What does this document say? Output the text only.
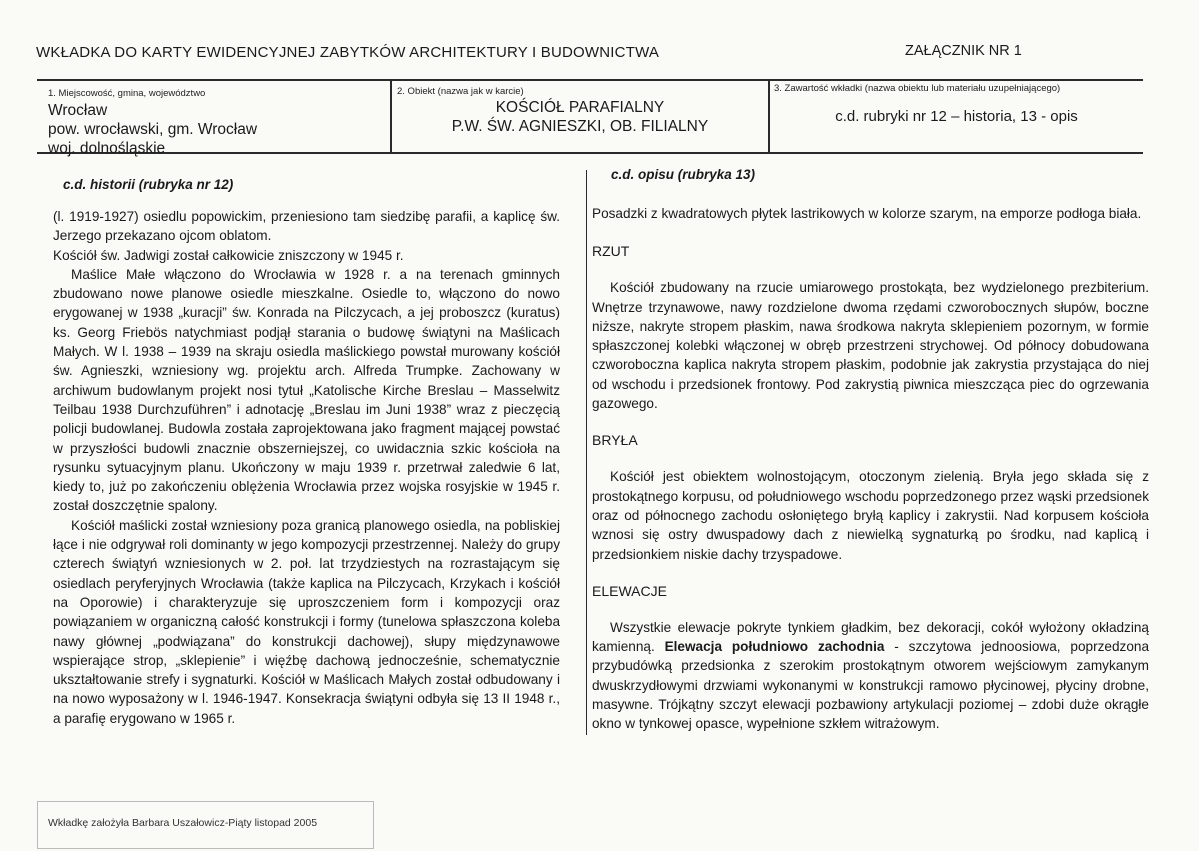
WKŁADKA DO KARTY EWIDENCYJNEJ ZABYTKÓW ARCHITEKTURY I BUDOWNICTWA	ZAŁĄCZNIK NR 1
1. Miejscowość, gmina, województwo
Wrocław
pow. wrocławski, gm. Wrocław
woj. dolnośląskie
2. Obiekt (nazwa jak w karcie)
KOŚCIÓŁ PARAFIALNY
P.W. ŚW. AGNIESZKI, OB. FILIALNY
3. Zawartość wkładki (nazwa obiektu lub materiału uzupełniającego)
c.d. rubryki nr 12 – historia, 13 - opis
c.d. historii (rubryka nr 12)
(l. 1919-1927) osiedlu popowickim, przeniesiono tam siedzibę parafii, a kaplicę św. Jerzego przekazano ojcom oblatom.
Kościół św. Jadwigi został całkowicie zniszczony w 1945 r.
Maślice Małe włączono do Wrocławia w 1928 r. a na terenach gminnych zbudowano nowe planowe osiedle mieszkalne. Osiedle to, włączono do nowo erygowanej w 1938 „kuracji” św. Konrada na Pilczycach, a jej proboszcz (kuratus) ks. Georg Friebös natychmiast podjął starania o budowę świątyni na Maślicach Małych. W l. 1938 – 1939 na skraju osiedla maślickiego powstał murowany kościół św. Agnieszki, wzniesiony wg. projektu arch. Alfreda Trumpke. Zachowany w archiwum budowlanym projekt nosi tytuł „Katolische Kirche Breslau – Masselwitz Teilbau 1938 Durchzuführen” i adnotację „Breslau im Juni 1938” wraz z pieczęcią policji budowlanej. Budowla została zaprojektowana jako fragment mającej powstać w przyszłości budowli znacznie obszerniejszej, co uwidacznia szkic kościoła na rysunku sytuacyjnym planu. Ukończony w maju 1939 r. przetrwał zaledwie 6 lat, kiedy to, już po zakończeniu oblężenia Wrocławia przez wojska rosyjskie w 1945 r. został doszczętnie spalony.
Kościół maślicki został wzniesiony poza granicą planowego osiedla, na pobliskiej łące i nie odgrywał roli dominanty w jego kompozycji przestrzennej. Należy do grupy czterech świątyń wzniesionych w 2. poł. lat trzydziestych na rozrastającym się osiedlach peryferyjnych Wrocławia (także kaplica na Pilczycach, Krzykach i kościół na Oporowie) i charakteryzuje się uproszczeniem form i kompozycji oraz powiązaniem w organiczną całość konstrukcji i formy (tunelowa spłaszczona koleba nawy głównej „podwiązana” do konstrukcji dachowej), słupy międzynawowe wspierające strop, „sklepienie” i więźbę dachową jednocześnie, schematycznie ukształtowanie strefy i sygnaturki. Kościół w Maślicach Małych został odbudowany i na nowo wyposażony w l. 1946-1947. Konsekracja świątyni odbyła się 13 II 1948 r., a parafię erygowano w 1965 r.
c.d. opisu (rubryka 13)
Posadzki z kwadratowych płytek lastrikowych w kolorze szarym, na emporze podłoga biała.
RZUT
Kościół zbudowany na rzucie umiarowego prostokąta, bez wydzielonego prezbiterium. Wnętrze trzynawowe, nawy rozdzielone dwoma rzędami czworobocznych słupów, boczne niższe, nakryte stropem płaskim, nawa środkowa nakryta sklepieniem pozornym, w formie spłaszczonej kolebki włączonej w obręb przestrzeni strychowej. Od północy dobudowana czworoboczna kaplica nakryta stropem płaskim, podobnie jak zakrystia przystająca do niej od wschodu i przedsionek frontowy. Pod zakrystią piwnica mieszcząca piec do ogrzewania gazowego.
BRYŁA
Kościół jest obiektem wolnostojącym, otoczonym zielenią. Bryła jego składa się z prostokątnego korpusu, od południowego wschodu poprzedzonego przez wąski przedsionek oraz od północnego zachodu osłoniętego bryłą kaplicy i zakrystii. Nad korpusem kościoła wznosi się ostry dwuspadowy dach z niewielką sygnaturką po środku, nad kaplicą i przedsionkiem niskie dachy trzyspadowe.
ELEWACJE
Wszystkie elewacje pokryte tynkiem gładkim, bez dekoracji, cokół wyłożony okładziną kamienną. Elewacja południowo zachodnia - szczytowa jednoosiowa, poprzedzona przybudówką przedsionka z szerokim prostokątnym otworem wejściowym zamykanym dwuskrzydłowymi drzwiami wykonanymi w konstrukcji ramowo płycinowej, płyciny drobne, masywne. Trójkątny szczyt elewacji pozbawiony artykulacji poziomej – zdobi duże okrągłe okno w tynkowej opasce, wypełnione szkłem witrażowym.
Wkładkę założyła Barbara Uszałowicz-Piąty listopad 2005
